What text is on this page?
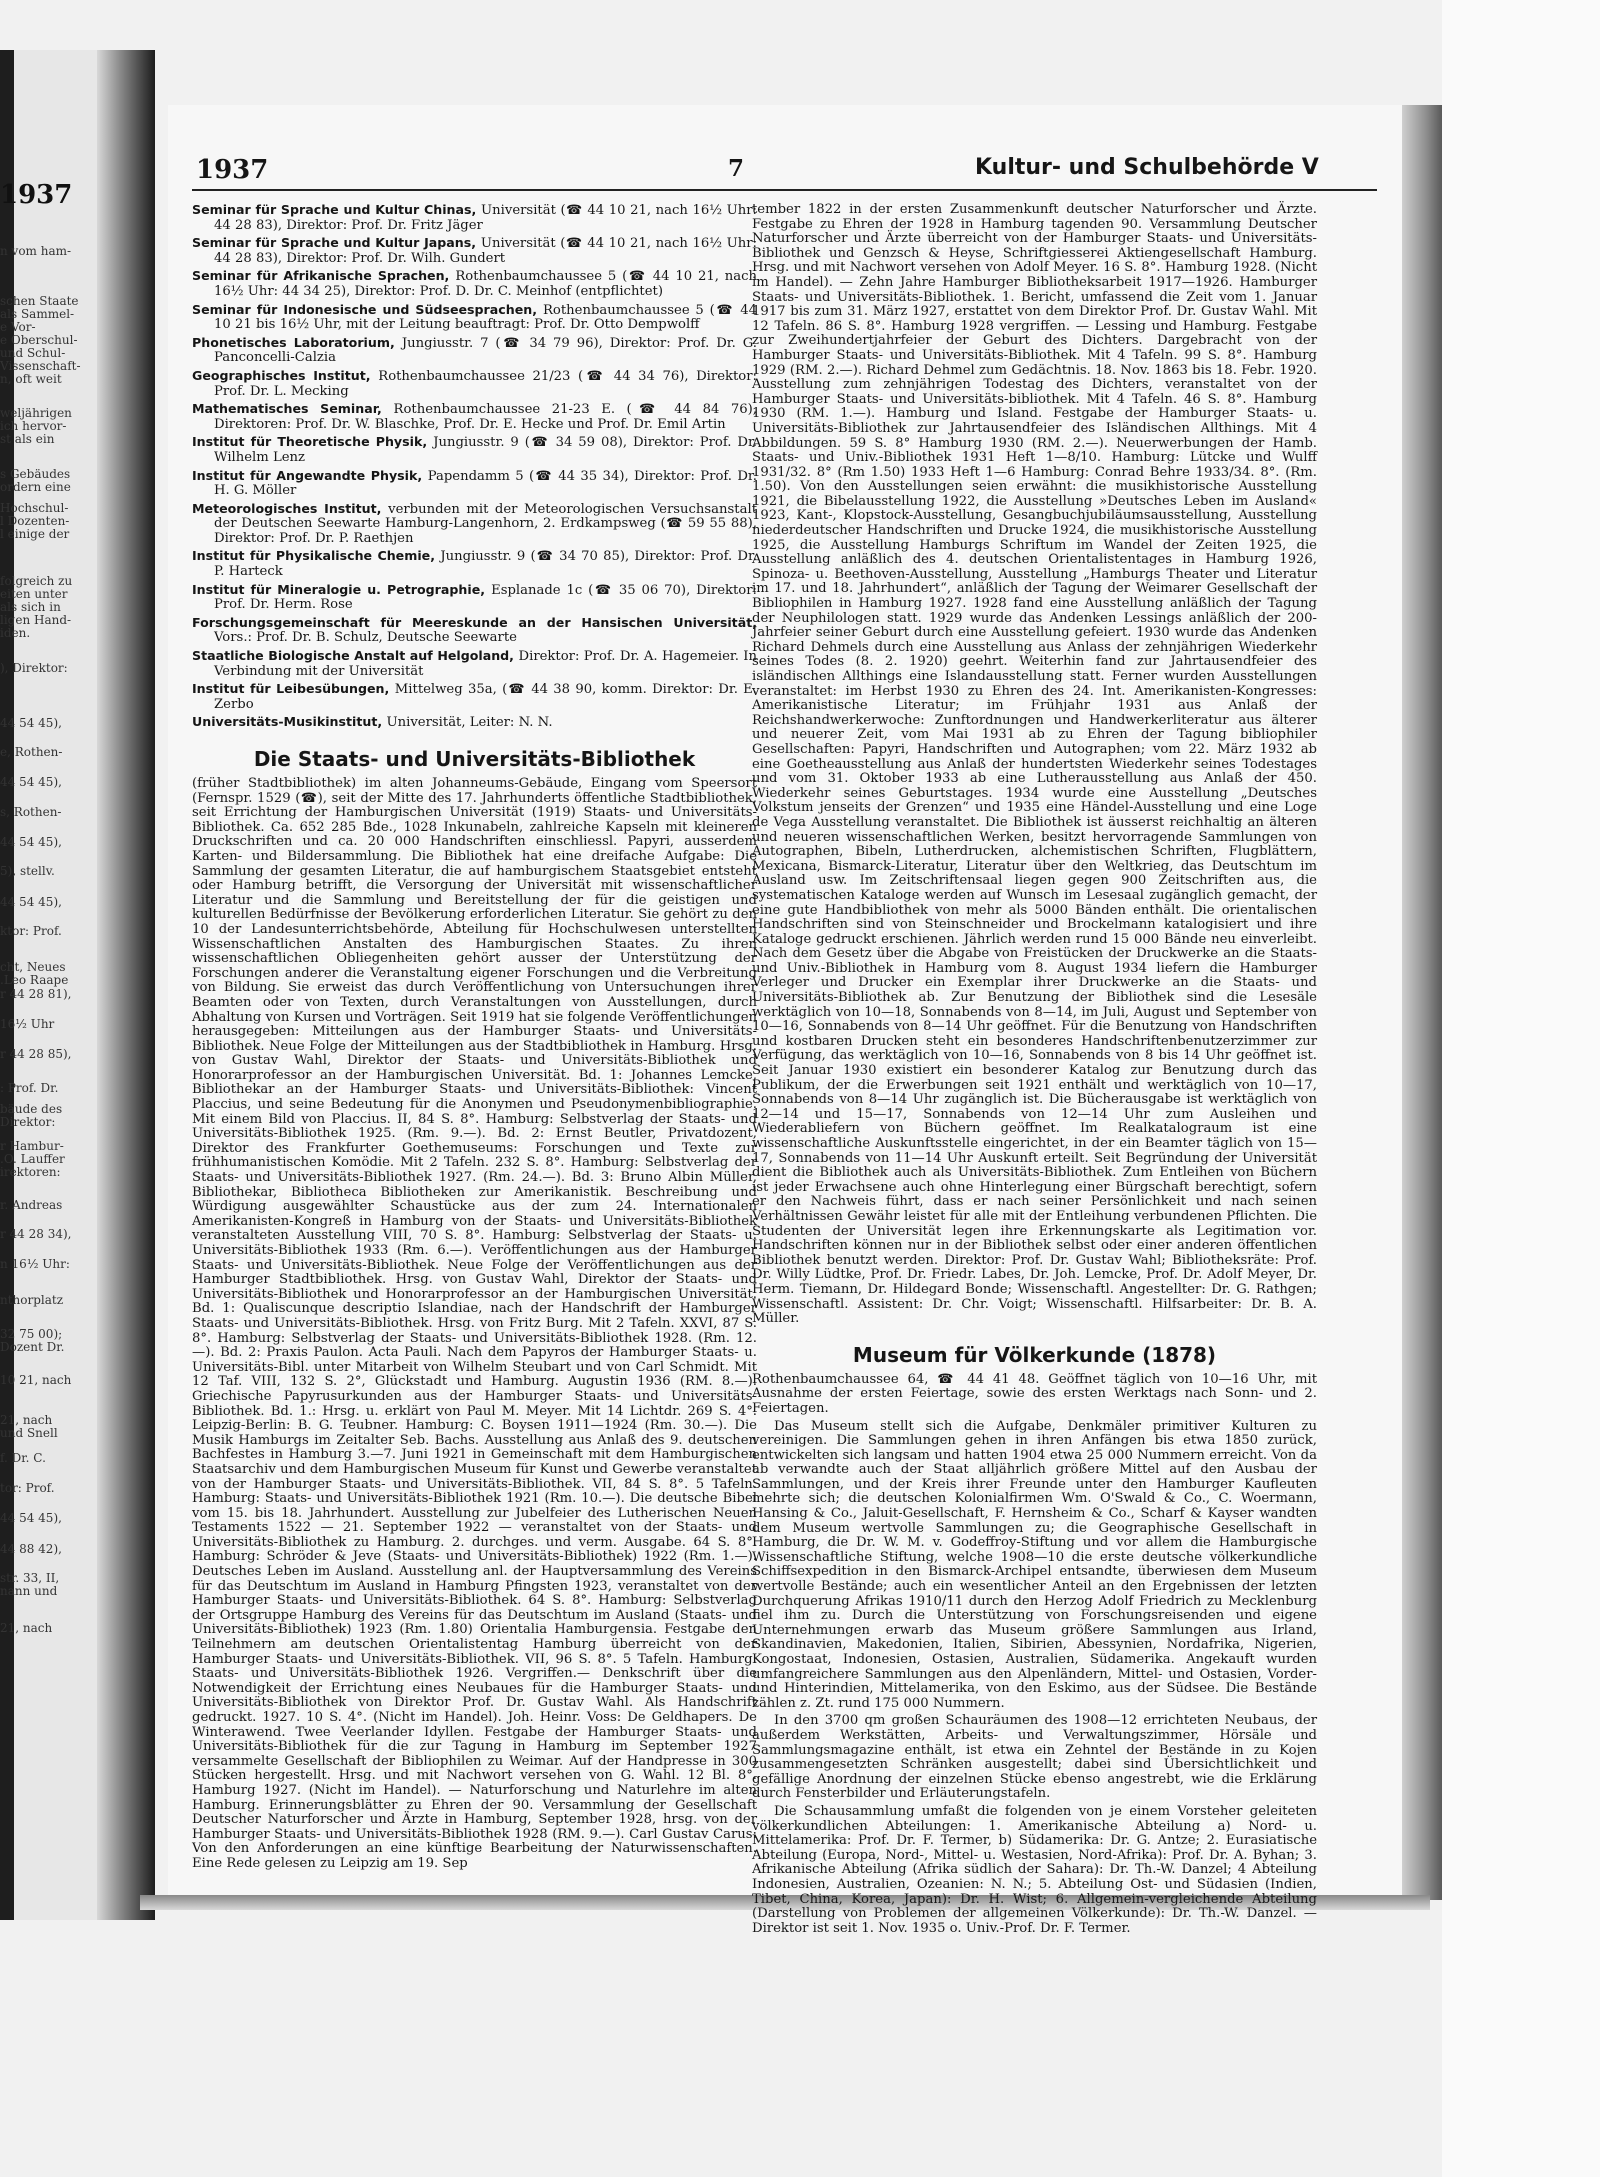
1937
n vom ham-
schen Staate
als Sammel-
e Vor-
e Oberschul-
und Schul-
Vissenschaft-
n, oft weit
weljährigen
ich hervor-
st als ein
s Gebäudes
ordern eine
Hochschul-
l Dozenten-
l einige der
folgreich zu
eiten unter
als sich in
ligen Hand-
iden.
), Direktor:
44 54 45),
e, Rothen-
44 54 45),
s, Rothen-
44 54 45),
5), stellv.
44 54 45),
ktor: Prof.
cht, Neues
.Leo Raape
r 44 28 81),
16½ Uhr
r 44 28 85),
: Prof. Dr.
bäude des
Direktor:
r Hambur-
.O. Lauffer
irektoren:
r. Andreas
r 44 28 34),
n 16½ Uhr:
nthorplatz
32 75 00);
Dozent Dr.
10 21, nach
21, nach
und Snell
f. Dr. C.
tor: Prof.
44 54 45),
44 88 42),
str. 33, II,
nann und
21, nach
1937	7	Kultur- und Schulbehörde V

Seminar für Sprache und Kultur Chinas, Universität (☎ 44 10 21, nach 16½ Uhr: 44 28 83), Direktor: Prof. Dr. Fritz Jäger

Seminar für Sprache und Kultur Japans, Universität (☎ 44 10 21, nach 16½ Uhr: 44 28 83), Direktor: Prof. Dr. Wilh. Gundert

Seminar für Afrikanische Sprachen, Rothenbaumchaussee 5 (☎ 44 10 21, nach 16½ Uhr: 44 34 25), Direktor: Prof. D. Dr. C. Meinhof (entpflichtet)

Seminar für Indonesische und Südseesprachen, Rothenbaumchaussee 5 (☎ 44 10 21 bis 16½ Uhr, mit der Leitung beauftragt: Prof. Dr. Otto Dempwolff

Phonetisches Laboratorium, Jungiusstr. 7 (☎ 34 79 96), Direktor: Prof. Dr. G. Panconcelli-Calzia

Geographisches Institut, Rothenbaumchaussee 21/23 (☎ 44 34 76), Direktor: Prof. Dr. L. Mecking

Mathematisches Seminar, Rothenbaumchaussee 21-23 E. (☎ 44 84 76), Direktoren: Prof. Dr. W. Blaschke, Prof. Dr. E. Hecke und Prof. Dr. Emil Artin

Institut für Theoretische Physik, Jungiusstr. 9 (☎ 34 59 08), Direktor: Prof. Dr. Wilhelm Lenz

Institut für Angewandte Physik, Papendamm 5 (☎ 44 35 34), Direktor: Prof. Dr. H. G. Möller

Meteorologisches Institut, verbunden mit der Meteorologischen Versuchsanstalt der Deutschen Seewarte Hamburg-Langenhorn, 2. Erdkampsweg (☎ 59 55 88), Direktor: Prof. Dr. P. Raethjen

Institut für Physikalische Chemie, Jungiusstr. 9 (☎ 34 70 85), Direktor: Prof. Dr. P. Harteck

Institut für Mineralogie u. Petrographie, Esplanade 1c (☎ 35 06 70), Direktor: Prof. Dr. Herm. Rose

Forschungsgemeinschaft für Meereskunde an der Hansischen Universität, Vors.: Prof. Dr. B. Schulz, Deutsche Seewarte

Staatliche Biologische Anstalt auf Helgoland, Direktor: Prof. Dr. A. Hagemeier. In Verbindung mit der Universität

Institut für Leibesübungen, Mittelweg 35a, (☎ 44 38 90, komm. Direktor: Dr. E. Zerbo

Universitäts-Musikinstitut, Universität, Leiter: N. N.

Die Staats- und Universitäts-Bibliothek

(früher Stadtbibliothek) im alten Johanneums-Gebäude, Eingang vom Speersort (Fernspr. 1529 (☎), seit der Mitte des 17. Jahrhunderts öffentliche Stadtbibliothek, seit Errichtung der Hamburgischen Universität (1919) Staats- und Universitäts-Bibliothek. Ca. 652 285 Bde., 1028 Inkunabeln, zahlreiche Kapseln mit kleineren Druckschriften und ca. 20 000 Handschriften einschliessl. Papyri, ausserdem Karten- und Bildersammlung. Die Bibliothek hat eine dreifache Aufgabe: Die Sammlung der gesamten Literatur, die auf hamburgischem Staatsgebiet entsteht oder Hamburg betrifft, die Versorgung der Universität mit wissenschaftlicher Literatur und die Sammlung und Bereitstellung der für die geistigen und kulturellen Bedürfnisse der Bevölkerung erforderlichen Literatur. Sie gehört zu den 10 der Landesunterrichtsbehörde, Abteilung für Hochschulwesen unterstellten Wissenschaftlichen Anstalten des Hamburgischen Staates. Zu ihren wissenschaftlichen Obliegenheiten gehört ausser der Unterstützung der Forschungen anderer die Veranstaltung eigener Forschungen und die Verbreitung von Bildung. Sie erweist das durch Veröffentlichung von Untersuchungen ihrer Beamten oder von Texten, durch Veranstaltungen von Ausstellungen, durch Abhaltung von Kursen und Vorträgen. Seit 1919 hat sie folgende Veröffentlichungen herausgegeben: Mitteilungen aus der Hamburger Staats- und Universitäts-Bibliothek. Neue Folge der Mitteilungen aus der Stadtbibliothek in Hamburg. Hrsg. von Gustav Wahl, Direktor der Staats- und Universitäts-Bibliothek und Honorarprofessor an der Hamburgischen Universität. Bd. 1: Johannes Lemcke, Bibliothekar an der Hamburger Staats- und Universitäts-Bibliothek: Vincent Placcius, und seine Bedeutung für die Anonymen und Pseudonymenbibliographie. Mit einem Bild von Placcius. II, 84 S. 8°. Hamburg: Selbstverlag der Staats- und Universitäts-Bibliothek 1925. (Rm. 9.—). Bd. 2: Ernst Beutler, Privatdozent, Direktor des Frankfurter Goethemuseums: Forschungen und Texte zur frühhumanistischen Komödie. Mit 2 Tafeln. 232 S. 8°. Hamburg: Selbstverlag der Staats- und Universitäts-Bibliothek 1927. (Rm. 24.—). Bd. 3: Bruno Albin Müller, Bibliothekar, Bibliotheca Bibliotheken zur Amerikanistik. Beschreibung und Würdigung ausgewählter Schaustücke aus der zum 24. Internationalen Amerikanisten-Kongreß in Hamburg von der Staats- und Universitäts-Bibliothek veranstalteten Ausstellung VIII, 70 S. 8°. Hamburg: Selbstverlag der Staats- u. Universitäts-Bibliothek 1933 (Rm. 6.—). Veröffentlichungen aus der Hamburger Staats- und Universitäts-Bibliothek. Neue Folge der Veröffentlichungen aus der Hamburger Stadtbibliothek. Hrsg. von Gustav Wahl, Direktor der Staats- und Universitäts-Bibliothek und Honorarprofessor an der Hamburgischen Universität. Bd. 1: Qualiscunque descriptio Islandiae, nach der Handschrift der Hamburger Staats- und Universitäts-Bibliothek. Hrsg. von Fritz Burg. Mit 2 Tafeln. XXVI, 87 S. 8°. Hamburg: Selbstverlag der Staats- und Universitäts-Bibliothek 1928. (Rm. 12.—). Bd. 2: Praxis Paulon. Acta Pauli. Nach dem Papyros der Hamburger Staats- u. Universitäts-Bibl. unter Mitarbeit von Wilhelm Steubart und von Carl Schmidt. Mit 12 Taf. VIII, 132 S. 2°, Glückstadt und Hamburg. Augustin 1936 (RM. 8.—). Griechische Papyrusurkunden aus der Hamburger Staats- und Universitäts-Bibliothek. Bd. 1.: Hrsg. u. erklärt von Paul M. Meyer. Mit 14 Lichtdr. 269 S. 4°. Leipzig-Berlin: B. G. Teubner. Hamburg: C. Boysen 1911—1924 (Rm. 30.—). Die Musik Hamburgs im Zeitalter Seb. Bachs. Ausstellung aus Anlaß des 9. deutschen Bachfestes in Hamburg 3.—7. Juni 1921 in Gemeinschaft mit dem Hamburgischen Staatsarchiv und dem Hamburgischen Museum für Kunst und Gewerbe veranstaltet von der Hamburger Staats- und Universitäts-Bibliothek. VII, 84 S. 8°. 5 Tafeln. Hamburg: Staats- und Universitäts-Bibliothek 1921 (Rm. 10.—). Die deutsche Bibel vom 15. bis 18. Jahrhundert. Ausstellung zur Jubelfeier des Lutherischen Neuen Testaments 1522 — 21. September 1922 — veranstaltet von der Staats- und Universitäts-Bibliothek zu Hamburg. 2. durchges. und verm. Ausgabe. 64 S. 8°. Hamburg: Schröder & Jeve (Staats- und Universitäts-Bibliothek) 1922 (Rm. 1.—). Deutsches Leben im Ausland. Ausstellung anl. der Hauptversammlung des Vereins für das Deutschtum im Ausland in Hamburg Pfingsten 1923, veranstaltet von der Hamburger Staats- und Universitäts-Bibliothek. 64 S. 8°. Hamburg: Selbstverlag der Ortsgruppe Hamburg des Vereins für das Deutschtum im Ausland (Staats- und Universitäts-Bibliothek) 1923 (Rm. 1.80) Orientalia Hamburgensia. Festgabe den Teilnehmern am deutschen Orientalistentag Hamburg überreicht von der Hamburger Staats- und Universitäts-Bibliothek. VII, 96 S. 8°. 5 Tafeln. Hamburg: Staats- und Universitäts-Bibliothek 1926. Vergriffen.— Denkschrift über die Notwendigkeit der Errichtung eines Neubaues für die Hamburger Staats- und Universitäts-Bibliothek von Direktor Prof. Dr. Gustav Wahl. Als Handschrift gedruckt. 1927. 10 S. 4°. (Nicht im Handel). Joh. Heinr. Voss: De Geldhapers. De Winterawend. Twee Veerlander Idyllen. Festgabe der Hamburger Staats- und Universitäts-Bibliothek für die zur Tagung in Hamburg im September 1927 versammelte Gesellschaft der Bibliophilen zu Weimar. Auf der Handpresse in 300 Stücken hergestellt. Hrsg. und mit Nachwort versehen von G. Wahl. 12 Bl. 8°. Hamburg 1927. (Nicht im Handel). — Naturforschung und Naturlehre im alten Hamburg. Erinnerungsblätter zu Ehren der 90. Versammlung der Gesellschaft Deutscher Naturforscher und Ärzte in Hamburg, September 1928, hrsg. von der Hamburger Staats- und Universitäts-Bibliothek 1928 (RM. 9.—). Carl Gustav Carus: Von den Anforderungen an eine künftige Bearbeitung der Naturwissenschaften. Eine Rede gelesen zu Leipzig am 19. Sep

tember 1822 in der ersten Zusammenkunft deutscher Naturforscher und Ärzte. Festgabe zu Ehren der 1928 in Hamburg tagenden 90. Versammlung Deutscher Naturforscher und Ärzte überreicht von der Hamburger Staats- und Universitäts-Bibliothek und Genzsch & Heyse, Schriftgiesserei Aktiengesellschaft Hamburg. Hrsg. und mit Nachwort versehen von Adolf Meyer. 16 S. 8°. Hamburg 1928. (Nicht im Handel). — Zehn Jahre Hamburger Bibliotheksarbeit 1917—1926. Hamburger Staats- und Universitäts-Bibliothek. 1. Bericht, umfassend die Zeit vom 1. Januar 1917 bis zum 31. März 1927, erstattet von dem Direktor Prof. Dr. Gustav Wahl. Mit 12 Tafeln. 86 S. 8°. Hamburg 1928 vergriffen. — Lessing und Hamburg. Festgabe zur Zweihundertjahrfeier der Geburt des Dichters. Dargebracht von der Hamburger Staats- und Universitäts-Bibliothek. Mit 4 Tafeln. 99 S. 8°. Hamburg 1929 (RM. 2.—). Richard Dehmel zum Gedächtnis. 18. Nov. 1863 bis 18. Febr. 1920. Ausstellung zum zehnjährigen Todestag des Dichters, veranstaltet von der Hamburger Staats- und Universitäts-bibliothek. Mit 4 Tafeln. 46 S. 8°. Hamburg 1930 (RM. 1.—). Hamburg und Island. Festgabe der Hamburger Staats- u. Universitäts-Bibliothek zur Jahrtausendfeier des Isländischen Allthings. Mit 4 Abbildungen. 59 S. 8° Hamburg 1930 (RM. 2.—). Neuerwerbungen der Hamb. Staats- und Univ.-Bibliothek 1931 Heft 1—8/10. Hamburg: Lütcke und Wulff 1931/32. 8° (Rm 1.50) 1933 Heft 1—6 Hamburg: Conrad Behre 1933/34. 8°. (Rm. 1.50). Von den Ausstellungen seien erwähnt: die musikhistorische Ausstellung 1921, die Bibelausstellung 1922, die Ausstellung »Deutsches Leben im Ausland« 1923, Kant-, Klopstock-Ausstellung, Gesangbuchjubiläumsausstellung, Ausstellung niederdeutscher Handschriften und Drucke 1924, die musikhistorische Ausstellung 1925, die Ausstellung Hamburgs Schriftum im Wandel der Zeiten 1925, die Ausstellung anläßlich des 4. deutschen Orientalistentages in Hamburg 1926, Spinoza- u. Beethoven-Ausstellung, Ausstellung „Hamburgs Theater und Literatur im 17. und 18. Jahrhundert“, anläßlich der Tagung der Weimarer Gesellschaft der Bibliophilen in Hamburg 1927. 1928 fand eine Ausstellung anläßlich der Tagung der Neuphilologen statt. 1929 wurde das Andenken Lessings anläßlich der 200-Jahrfeier seiner Geburt durch eine Ausstellung gefeiert. 1930 wurde das Andenken Richard Dehmels durch eine Ausstellung aus Anlass der zehnjährigen Wiederkehr seines Todes (8. 2. 1920) geehrt. Weiterhin fand zur Jahrtausendfeier des isländischen Allthings eine Islandausstellung statt. Ferner wurden Ausstellungen veranstaltet: im Herbst 1930 zu Ehren des 24. Int. Amerikanisten-Kongresses: Amerikanistische Literatur; im Frühjahr 1931 aus Anlaß der Reichshandwerkerwoche: Zunftordnungen und Handwerkerliteratur aus älterer und neuerer Zeit, vom Mai 1931 ab zu Ehren der Tagung bibliophiler Gesellschaften: Papyri, Handschriften und Autographen; vom 22. März 1932 ab eine Goetheausstellung aus Anlaß der hundertsten Wiederkehr seines Todestages und vom 31. Oktober 1933 ab eine Lutherausstellung aus Anlaß der 450. Wiederkehr seines Geburtstages. 1934 wurde eine Ausstellung „Deutsches Volkstum jenseits der Grenzen“ und 1935 eine Händel-Ausstellung und eine Loge de Vega Ausstellung veranstaltet. Die Bibliothek ist äusserst reichhaltig an älteren und neueren wissenschaftlichen Werken, besitzt hervorragende Sammlungen von Autographen, Bibeln, Lutherdrucken, alchemistischen Schriften, Flugblättern, Mexicana, Bismarck-Literatur, Literatur über den Weltkrieg, das Deutschtum im Ausland usw. Im Zeitschriftensaal liegen gegen 900 Zeitschriften aus, die systematischen Kataloge werden auf Wunsch im Lesesaal zugänglich gemacht, der eine gute Handbibliothek von mehr als 5000 Bänden enthält. Die orientalischen Handschriften sind von Steinschneider und Brockelmann katalogisiert und ihre Kataloge gedruckt erschienen. Jährlich werden rund 15 000 Bände neu einverleibt. Nach dem Gesetz über die Abgabe von Freistücken der Druckwerke an die Staats- und Univ.-Bibliothek in Hamburg vom 8. August 1934 liefern die Hamburger Verleger und Drucker ein Exemplar ihrer Druckwerke an die Staats- und Universitäts-Bibliothek ab. Zur Benutzung der Bibliothek sind die Lesesäle werktäglich von 10—18, Sonnabends von 8—14, im Juli, August und September von 10—16, Sonnabends von 8—14 Uhr geöffnet. Für die Benutzung von Handschriften und kostbaren Drucken steht ein besonderes Handschriftenbenutzerzimmer zur Verfügung, das werktäglich von 10—16, Sonnabends von 8 bis 14 Uhr geöffnet ist. Seit Januar 1930 existiert ein besonderer Katalog zur Benutzung durch das Publikum, der die Erwerbungen seit 1921 enthält und werktäglich von 10—17, Sonnabends von 8—14 Uhr zugänglich ist. Die Bücherausgabe ist werktäglich von 12—14 und 15—17, Sonnabends von 12—14 Uhr zum Ausleihen und Wiederabliefern von Büchern geöffnet. Im Realkatalograum ist eine wissenschaftliche Auskunftsstelle eingerichtet, in der ein Beamter täglich von 15—17, Sonnabends von 11—14 Uhr Auskunft erteilt. Seit Begründung der Universität dient die Bibliothek auch als Universitäts-Bibliothek. Zum Entleihen von Büchern ist jeder Erwachsene auch ohne Hinterlegung einer Bürgschaft berechtigt, sofern er den Nachweis führt, dass er nach seiner Persönlichkeit und nach seinen Verhältnissen Gewähr leistet für alle mit der Entleihung verbundenen Pflichten. Die Studenten der Universität legen ihre Erkennungskarte als Legitimation vor. Handschriften können nur in der Bibliothek selbst oder einer anderen öffentlichen Bibliothek benutzt werden. Direktor: Prof. Dr. Gustav Wahl; Bibliotheksräte: Prof. Dr. Willy Lüdtke, Prof. Dr. Friedr. Labes, Dr. Joh. Lemcke, Prof. Dr. Adolf Meyer, Dr. Herm. Tiemann, Dr. Hildegard Bonde; Wissenschaftl. Angestellter: Dr. G. Rathgen; Wissenschaftl. Assistent: Dr. Chr. Voigt; Wissenschaftl. Hilfsarbeiter: Dr. B. A. Müller.

Museum für Völkerkunde (1878)

Rothenbaumchaussee 64, ☎ 44 41 48. Geöffnet täglich von 10—16 Uhr, mit Ausnahme der ersten Feiertage, sowie des ersten Werktags nach Sonn- und 2. Feiertagen.

Das Museum stellt sich die Aufgabe, Denkmäler primitiver Kulturen zu vereinigen. Die Sammlungen gehen in ihren Anfängen bis etwa 1850 zurück, entwickelten sich langsam und hatten 1904 etwa 25 000 Nummern erreicht. Von da ab verwandte auch der Staat alljährlich größere Mittel auf den Ausbau der Sammlungen, und der Kreis ihrer Freunde unter den Hamburger Kaufleuten mehrte sich; die deutschen Kolonialfirmen Wm. O'Swald & Co., C. Woermann, Hansing & Co., Jaluit-Gesellschaft, F. Hernsheim & Co., Scharf & Kayser wandten dem Museum wertvolle Sammlungen zu; die Geographische Gesellschaft in Hamburg, die Dr. W. M. v. Godeffroy-Stiftung und vor allem die Hamburgische Wissenschaftliche Stiftung, welche 1908—10 die erste deutsche völkerkundliche Schiffsexpedition in den Bismarck-Archipel entsandte, überwiesen dem Museum wertvolle Bestände; auch ein wesentlicher Anteil an den Ergebnissen der letzten Durchquerung Afrikas 1910/11 durch den Herzog Adolf Friedrich zu Mecklenburg fiel ihm zu. Durch die Unterstützung von Forschungsreisenden und eigene Unternehmungen erwarb das Museum größere Sammlungen aus Irland, Skandinavien, Makedonien, Italien, Sibirien, Abessynien, Nordafrika, Nigerien, Kongostaat, Indonesien, Ostasien, Australien, Südamerika. Angekauft wurden umfangreichere Sammlungen aus den Alpenländern, Mittel- und Ostasien, Vorder- und Hinterindien, Mittelamerika, von den Eskimo, aus der Südsee. Die Bestände zählen z. Zt. rund 175 000 Nummern.

In den 3700 qm großen Schauräumen des 1908—12 errichteten Neubaus, der außerdem Werkstätten, Arbeits- und Verwaltungszimmer, Hörsäle und Sammlungsmagazine enthält, ist etwa ein Zehntel der Bestände in zu Kojen zusammengesetzten Schränken ausgestellt; dabei sind Übersichtlichkeit und gefällige Anordnung der einzelnen Stücke ebenso angestrebt, wie die Erklärung durch Fensterbilder und Erläuterungstafeln.

Die Schausammlung umfaßt die folgenden von je einem Vorsteher geleiteten völkerkundlichen Abteilungen: 1. Amerikanische Abteilung a) Nord- u. Mittelamerika: Prof. Dr. F. Termer, b) Südamerika: Dr. G. Antze; 2. Eurasiatische Abteilung (Europa, Nord-, Mittel- u. Westasien, Nord-Afrika): Prof. Dr. A. Byhan; 3. Afrikanische Abteilung (Afrika südlich der Sahara): Dr. Th.-W. Danzel; 4 Abteilung Indonesien, Australien, Ozeanien: N. N.; 5. Abteilung Ost- und Südasien (Indien, Tibet, China, Korea, Japan): Dr. H. Wist; 6. Allgemein-vergleichende Abteilung (Darstellung von Problemen der allgemeinen Völkerkunde): Dr. Th.-W. Danzel. — Direktor ist seit 1. Nov. 1935 o. Univ.-Prof. Dr. F. Termer.
